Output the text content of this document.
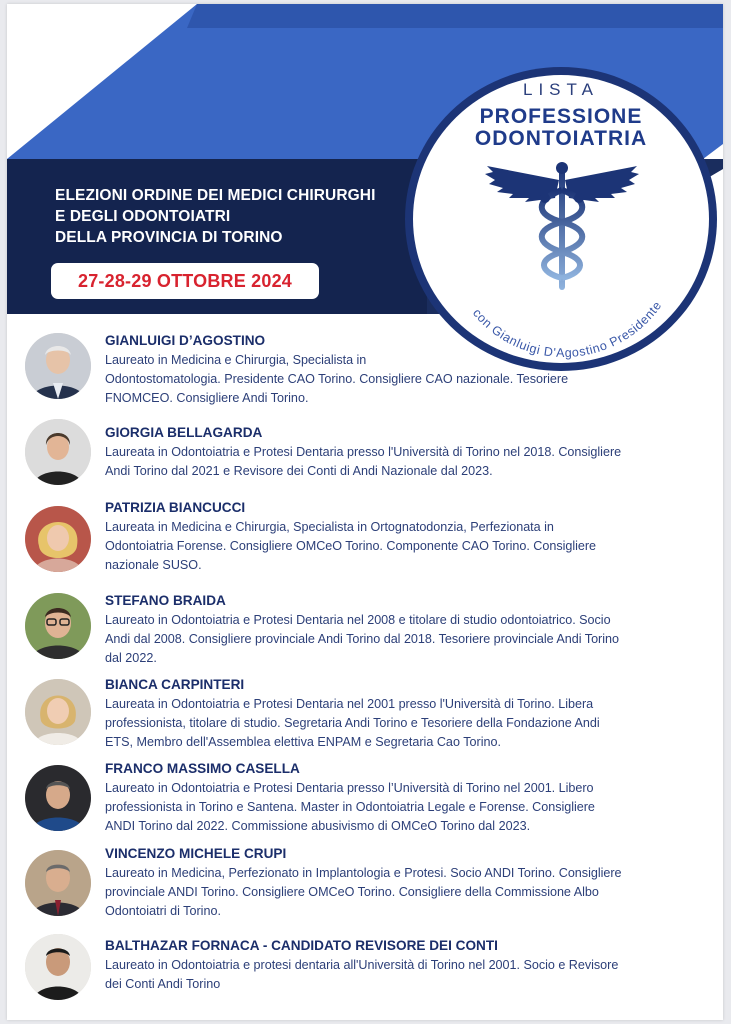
ELEZIONI ORDINE DEI MEDICI CHIRURGHI
E DEGLI ODONTOIATRI
DELLA PROVINCIA DI TORINO
27-28-29 OTTOBRE 2024
LISTA
PROFESSIONE
ODONTOIATRIA
con Gianluigi D'Agostino Presidente
GIANLUIGI D’AGOSTINO
Laureato in Medicina e Chirurgia, Specialista in
Odontostomatologia. Presidente CAO Torino. Consigliere CAO nazionale. Tesoriere
FNOMCEO. Consigliere Andi Torino.
GIORGIA BELLAGARDA
Laureata in Odontoiatria e Protesi Dentaria presso l'Università di Torino nel 2018. Consigliere
Andi Torino dal 2021 e Revisore dei Conti di Andi Nazionale dal 2023.
PATRIZIA BIANCUCCI
Laureata in Medicina e Chirurgia, Specialista in Ortognatodonzia, Perfezionata in
Odontoiatria Forense. Consigliere OMCeO Torino. Componente CAO Torino. Consigliere
nazionale SUSO.
STEFANO BRAIDA
Laureato in Odontoiatria e Protesi Dentaria nel 2008 e titolare di studio odontoiatrico. Socio
Andi dal 2008. Consigliere provinciale Andi Torino dal 2018. Tesoriere provinciale Andi Torino
dal 2022.
BIANCA CARPINTERI
Laureata in Odontoiatria e Protesi Dentaria nel 2001 presso l'Università di Torino. Libera
professionista, titolare di studio. Segretaria Andi Torino e Tesoriere della Fondazione Andi
ETS, Membro dell'Assemblea elettiva ENPAM e Segretaria Cao Torino.
FRANCO MASSIMO CASELLA
Laureato in Odontoiatria e Protesi Dentaria presso l’Università di Torino nel 2001. Libero
professionista in Torino e Santena. Master in Odontoiatria Legale e Forense. Consigliere
ANDI Torino dal 2022. Commissione abusivismo di OMCeO Torino dal 2023.
VINCENZO MICHELE CRUPI
Laureato in Medicina, Perfezionato in Implantologia e Protesi. Socio ANDI Torino. Consigliere
provinciale ANDI Torino. Consigliere OMCeO Torino. Consigliere della Commissione Albo
Odontoiatri di Torino.
BALTHAZAR FORNACA - CANDIDATO REVISORE DEI CONTI
Laureato in Odontoiatria e protesi dentaria all'Università di Torino nel 2001. Socio e Revisore
dei Conti Andi Torino
